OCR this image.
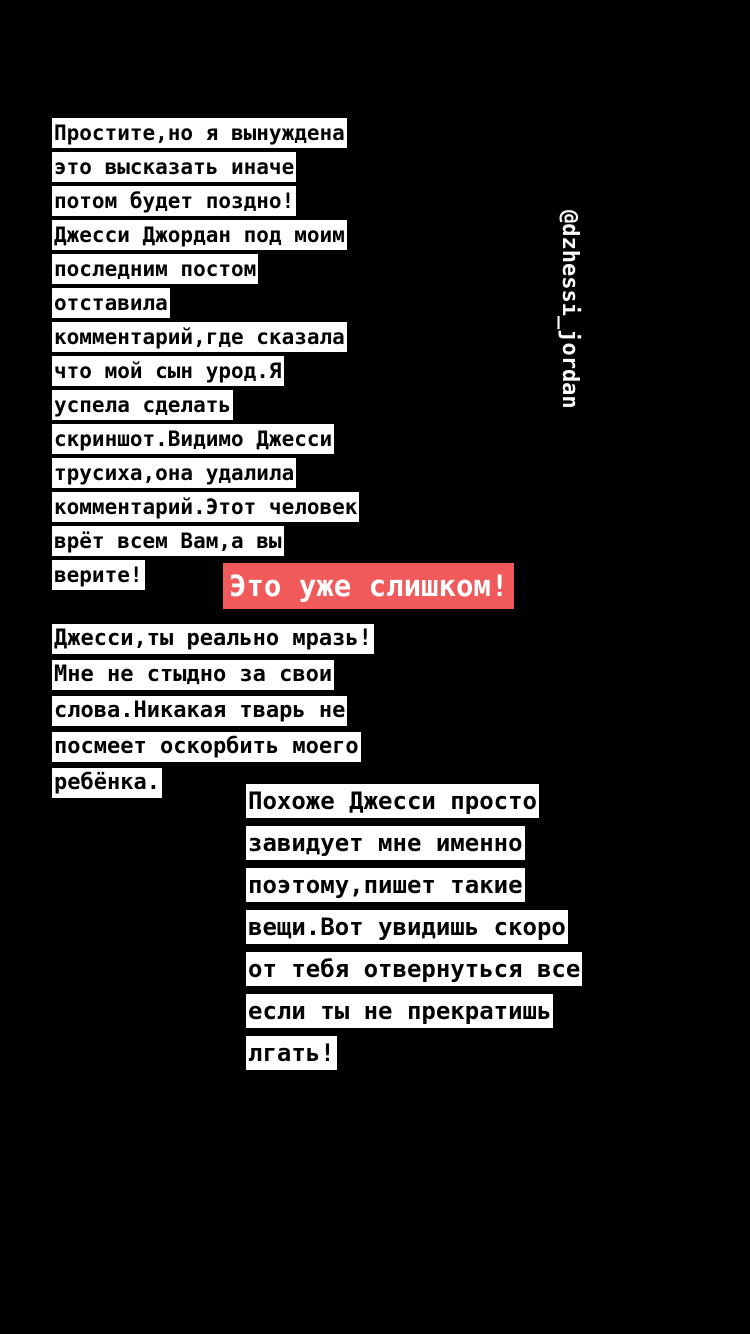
Простите,но я вынуждена
это высказать иначе
потом будет поздно!
Джесси Джордан под моим
последним постом
отставила
комментарий,где сказала
что мой сын урод.Я
успела сделать
скриншот.Видимо Джесси
трусиха,она удалила
комментарий.Этот человек
врёт всем Вам,а вы
верите!	Это уже слишком!
Джесси,ты реально мразь!
Мне не стыдно за свои
слова.Никакая тварь не
посмеет оскорбить моего
ребёнка.
Похоже Джесси просто
завидует мне именно
поэтому,пишет такие
вещи.Вот увидишь скоро
от тебя отвернуться все
если ты не прекратишь
лгать!
@dzhessi_jordan
